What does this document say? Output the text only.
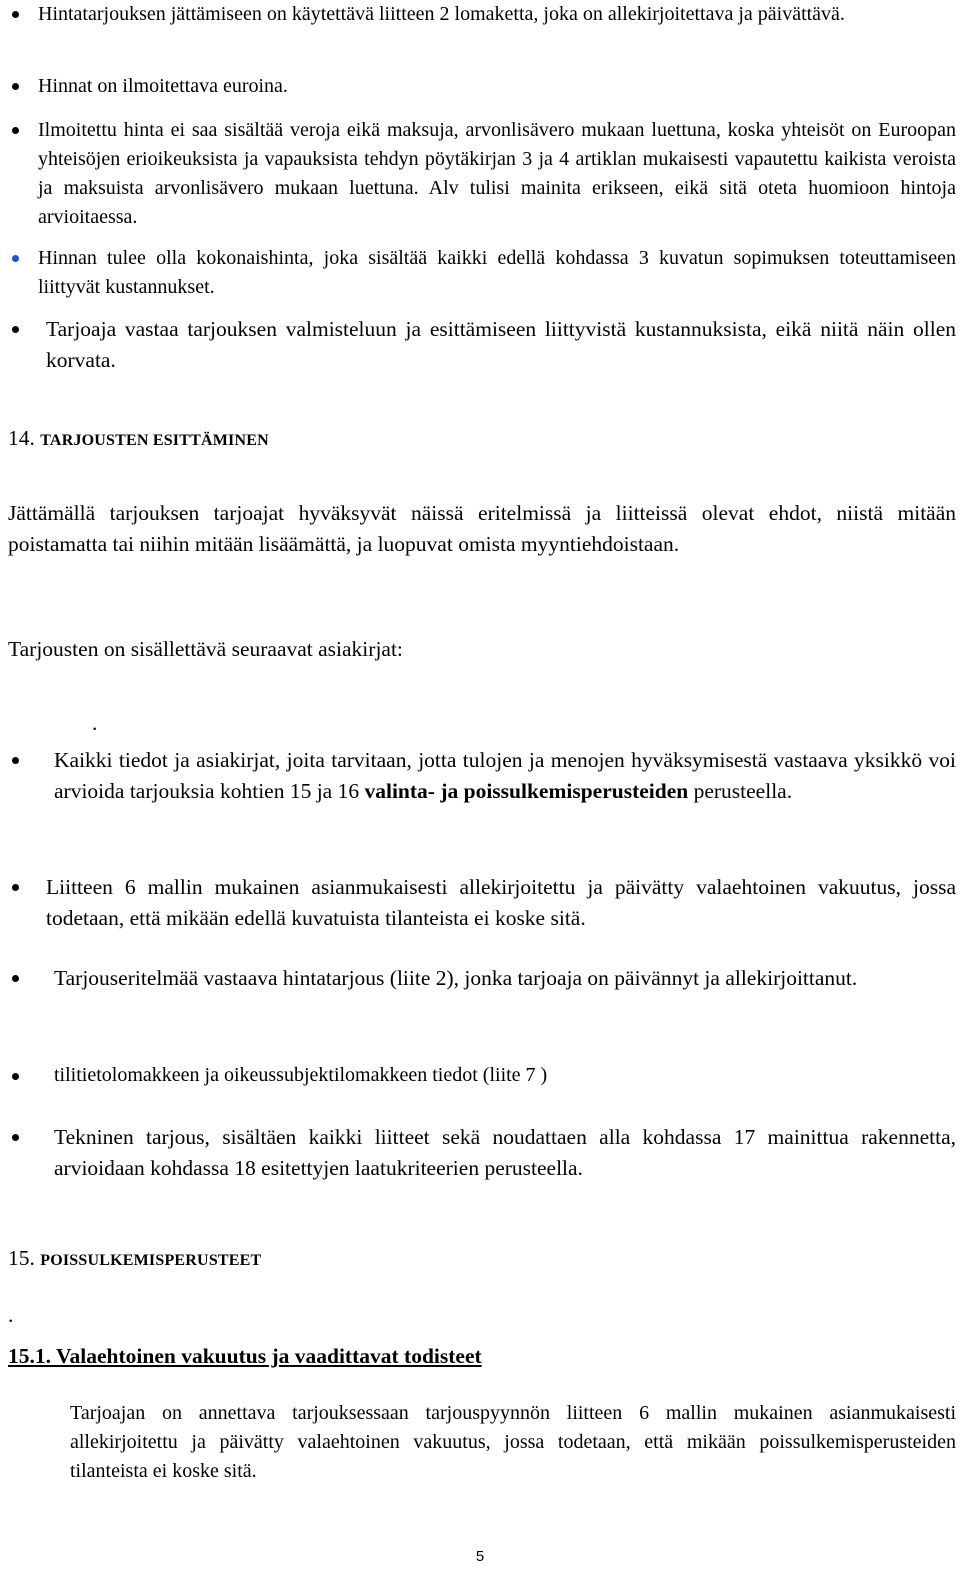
Hintatarjouksen jättämiseen on käytettävä liitteen 2 lomaketta, joka on allekirjoitettava ja päivättävä.

Hinnat on ilmoitettava euroina.

Ilmoitettu hinta ei saa sisältää veroja eikä maksuja, arvonlisävero mukaan luettuna, koska yhteisöt on Euroopan yhteisöjen erioikeuksista ja vapauksista tehdyn pöytäkirjan 3 ja 4 artiklan mukaisesti vapautettu kaikista veroista ja maksuista arvonlisävero mukaan luettuna. Alv tulisi mainita erikseen, eikä sitä oteta huomioon hintoja arvioitaessa.

Hinnan tulee olla kokonaishinta, joka sisältää kaikki edellä kohdassa 3 kuvatun sopimuksen toteuttamiseen liittyvät kustannukset.

Tarjoaja vastaa tarjouksen valmisteluun ja esittämiseen liittyvistä kustannuksista, eikä niitä näin ollen korvata.

14. TARJOUSTEN ESITTÄMINEN

Jättämällä tarjouksen tarjoajat hyväksyvät näissä eritelmissä ja liitteissä olevat ehdot, niistä mitään poistamatta tai niihin mitään lisäämättä, ja luopuvat omista myyntiehdoistaan.

Tarjousten on sisällettävä seuraavat asiakirjat:

.

Kaikki tiedot ja asiakirjat, joita tarvitaan, jotta tulojen ja menojen hyväksymisestä vastaava yksikkö voi arvioida tarjouksia kohtien 15 ja 16 valinta- ja poissulkemisperusteiden perusteella.

Liitteen 6 mallin mukainen asianmukaisesti allekirjoitettu ja päivätty valaehtoinen vakuutus, jossa todetaan, että mikään edellä kuvatuista tilanteista ei koske sitä.

Tarjouseritelmää vastaava hintatarjous (liite 2), jonka tarjoaja on päivännyt ja allekirjoittanut.

tilitietolomakkeen ja oikeussubjektilomakkeen tiedot (liite 7 )

Tekninen tarjous, sisältäen kaikki liitteet sekä noudattaen alla kohdassa 17 mainittua rakennetta, arvioidaan kohdassa 18 esitettyjen laatukriteerien perusteella.

15. POISSULKEMISPERUSTEET

.

15.1. Valaehtoinen vakuutus ja vaadittavat todisteet

Tarjoajan on annettava tarjouksessaan tarjouspyynnön liitteen 6 mallin mukainen asianmukaisesti allekirjoitettu ja päivätty valaehtoinen vakuutus, jossa todetaan, että mikään poissulkemisperusteiden tilanteista ei koske sitä.

5
